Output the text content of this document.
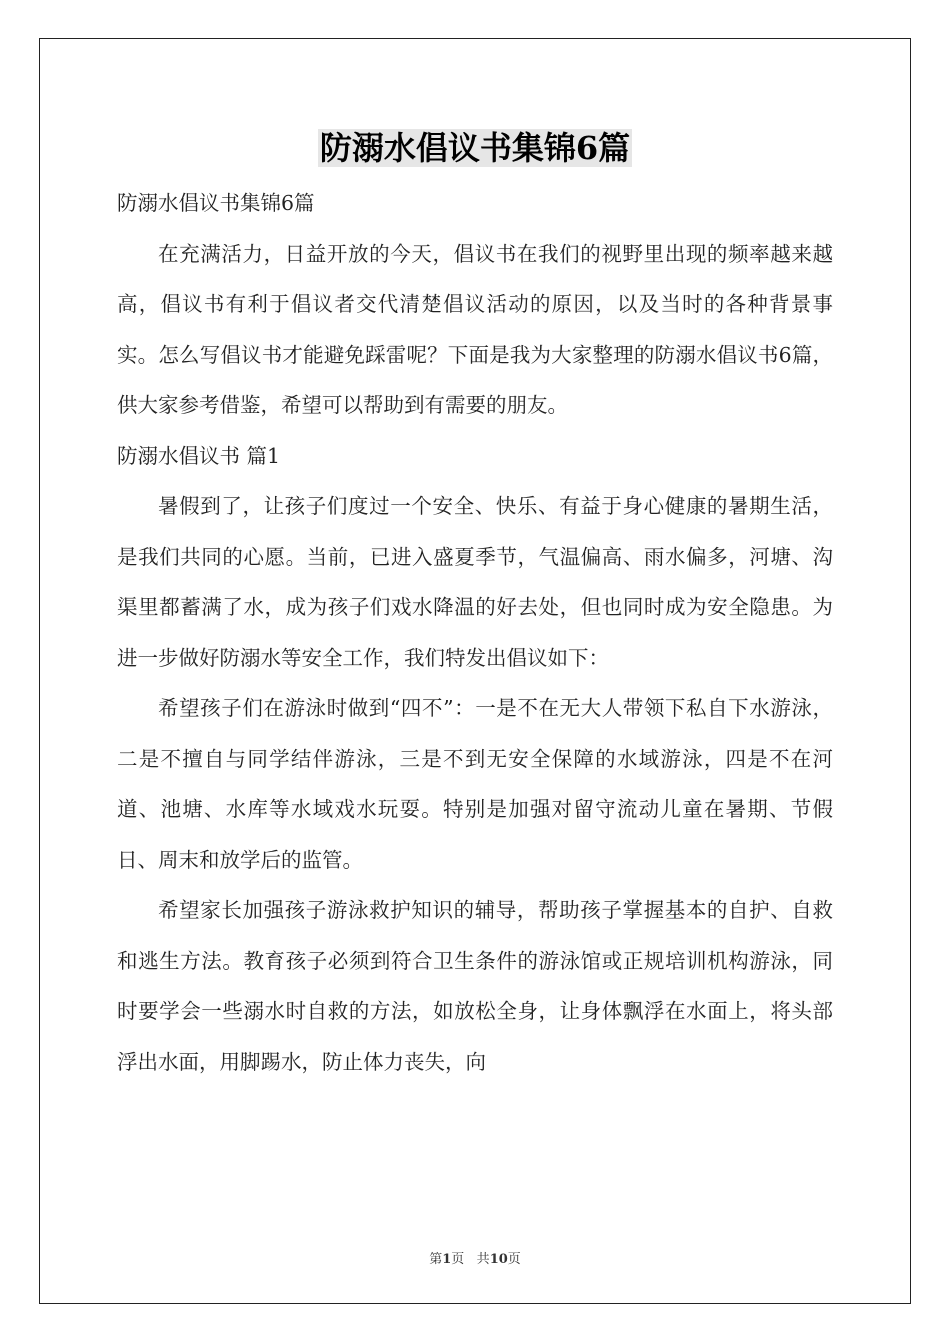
防溺水倡议书集锦6篇

防溺水倡议书集锦6篇

在充满活力，日益开放的今天，倡议书在我们的视野里出现的频率越来越高，倡议书有利于倡议者交代清楚倡议活动的原因，以及当时的各种背景事实。怎么写倡议书才能避免踩雷呢？下面是我为大家整理的防溺水倡议书6篇，供大家参考借鉴，希望可以帮助到有需要的朋友。

防溺水倡议书 篇1

暑假到了，让孩子们度过一个安全、快乐、有益于身心健康的暑期生活，是我们共同的心愿。当前，已进入盛夏季节，气温偏高、雨水偏多，河塘、沟渠里都蓄满了水，成为孩子们戏水降温的好去处，但也同时成为安全隐患。为进一步做好防溺水等安全工作，我们特发出倡议如下：

希望孩子们在游泳时做到“四不”：一是不在无大人带领下私自下水游泳，二是不擅自与同学结伴游泳，三是不到无安全保障的水域游泳，四是不在河道、池塘、水库等水域戏水玩耍。特别是加强对留守流动儿童在暑期、节假日、周末和放学后的监管。

希望家长加强孩子游泳救护知识的辅导，帮助孩子掌握基本的自护、自救和逃生方法。教育孩子必须到符合卫生条件的游泳馆或正规培训机构游泳，同时要学会一些溺水时自救的方法，如放松全身，让身体飘浮在水面上，将头部浮出水面，用脚踢水，防止体力丧失，向

第1页 共10页
